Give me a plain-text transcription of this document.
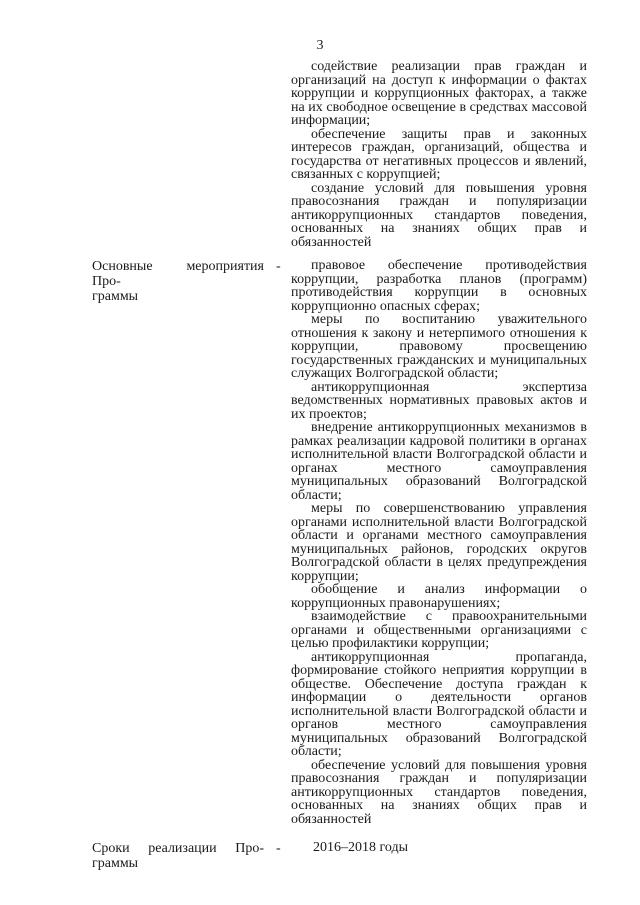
3

содействие реализации прав граждан и организаций на доступ к информации о фактах коррупции и коррупционных факторах, а также на их свободное освещение в средствах массовой информации;

обеспечение защиты прав и законных интересов граждан, организаций, общества и государства от негативных процессов и явлений, связанных с коррупцией;

создание условий для повышения уровня правосознания граждан и популяризации антикоррупционных стандартов поведения, основанных на знаниях общих прав и обязанностей

Основные мероприятия Про-
граммы
-	правовое обеспечение противодействия коррупции, разработка планов (программ) противодействия коррупции в основных коррупционно опасных сферах;

меры по воспитанию уважительного отношения к закону и нетерпимого отношения к коррупции, правовому просвещению государственных гражданских и муниципальных служащих Волгоградской области;

антикоррупционная экспертиза ведомственных нормативных правовых актов и их проектов;

внедрение антикоррупционных механизмов в рамках реализации кадровой политики в органах исполнительной власти Волгоградской области и органах местного самоуправления муниципальных образований Волгоградской области;

меры по совершенствованию управления органами исполнительной власти Волгоградской области и органами местного самоуправления муниципальных районов, городских округов Волгоградской области в целях предупреждения коррупции;

обобщение и анализ информации о коррупционных правонарушениях;

взаимодействие с правоохранительными органами и общественными организациями с целью профилактики коррупции;

антикоррупционная пропаганда, формирование стойкого неприятия коррупции в обществе. Обеспечение доступа граждан к информации о деятельности органов исполнительной власти Волгоградской области и органов местного самоуправления муниципальных образований Волгоградской области;

обеспечение условий для повышения уровня правосознания граждан и популяризации антикоррупционных стандартов поведения, основанных на знаниях общих прав и обязанностей

Сроки реализации Про-
граммы
-	2016–2018 годы
